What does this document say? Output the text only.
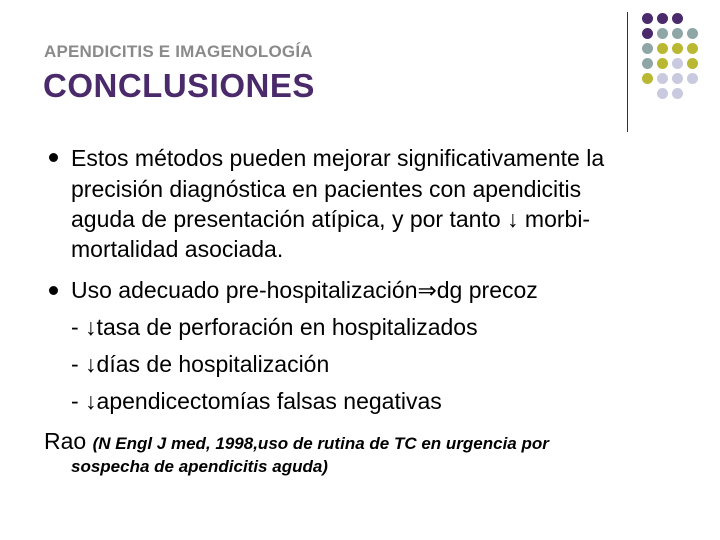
APENDICITIS E IMAGENOLOGÍA
CONCLUSIONES
Estos métodos pueden mejorar significativamente la
precisión diagnóstica en pacientes con apendicitis
aguda de presentación atípica, y por tanto ↓ morbi-
mortalidad asociada.
Uso adecuado pre-hospitalización⇒dg precoz
- ↓tasa de perforación en hospitalizados
- ↓días de hospitalización
- ↓apendicectomías falsas negativas
Rao (N Engl J med, 1998,uso de rutina de TC en urgencia por
sospecha de apendicitis aguda)
